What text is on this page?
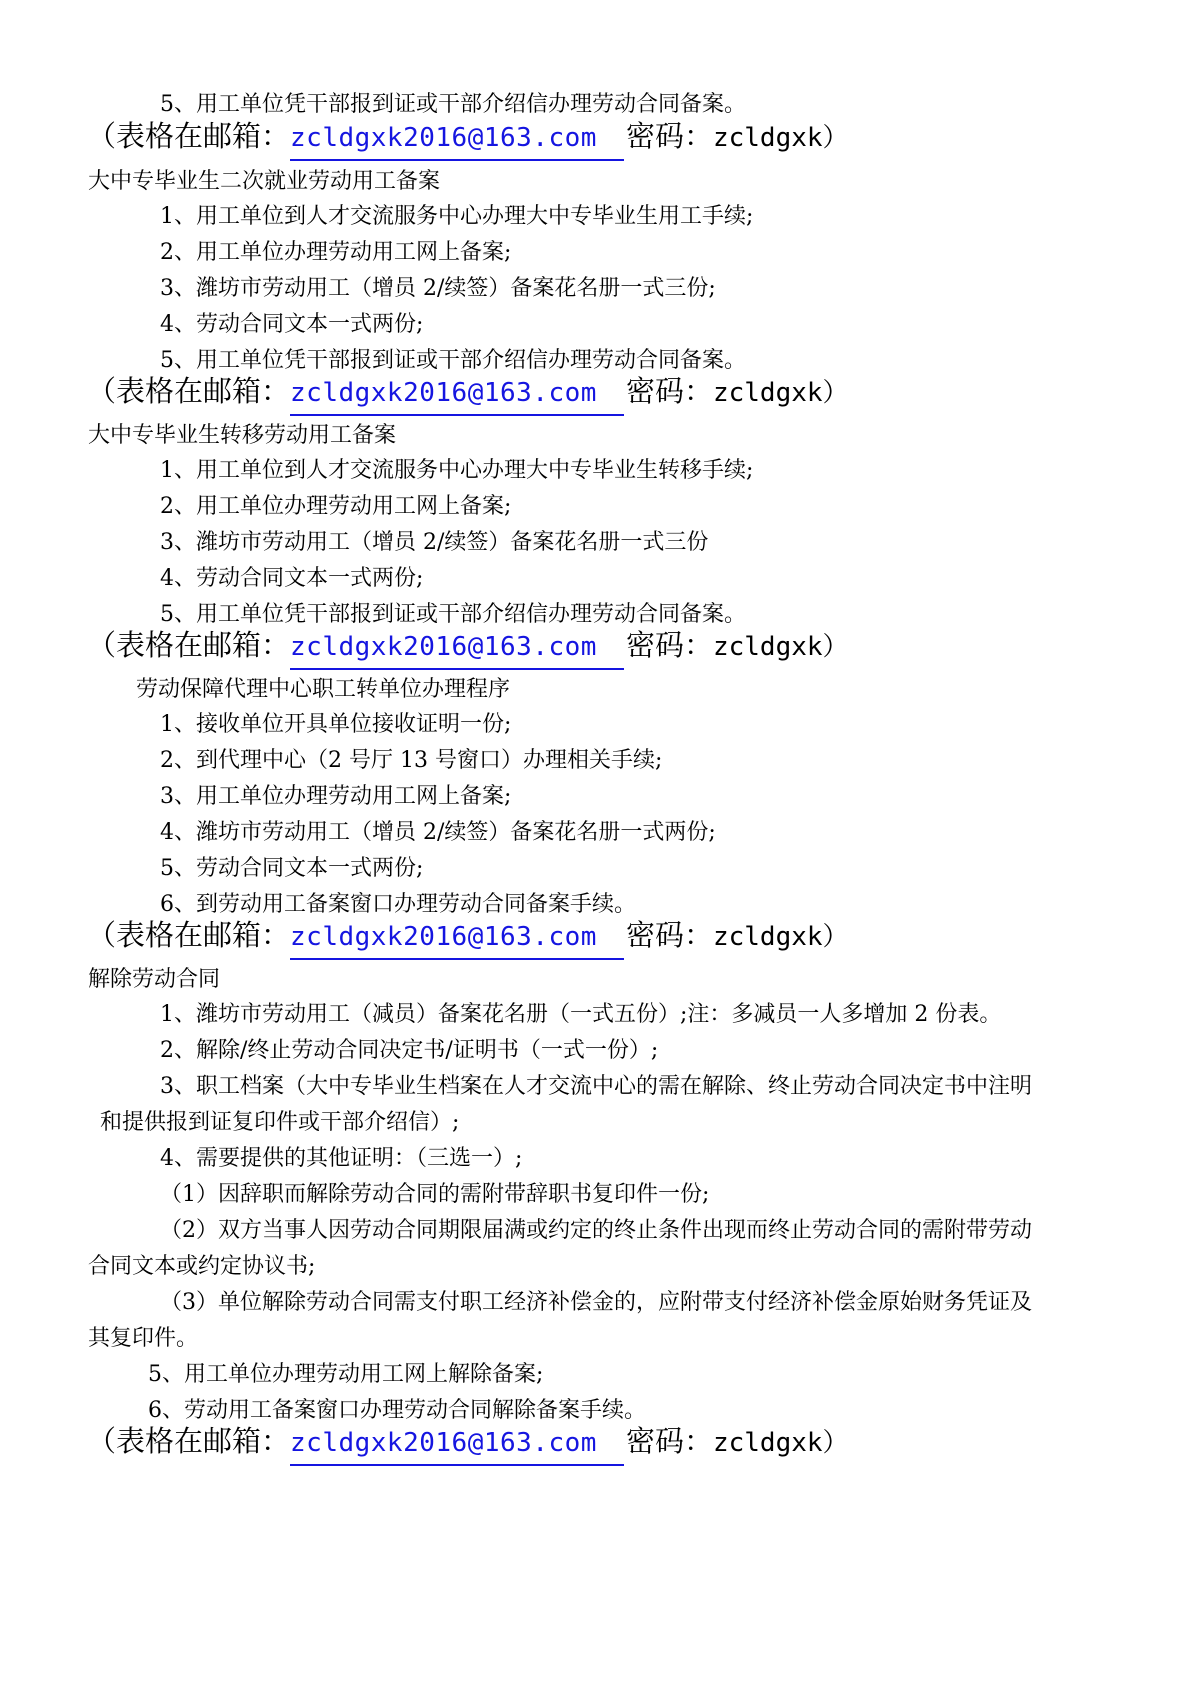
5、用工单位凭干部报到证或干部介绍信办理劳动合同备案。
（表格在邮箱：zcldgxk2016@163.com　密码：zcldgxk）
大中专毕业生二次就业劳动用工备案
1、用工单位到人才交流服务中心办理大中专毕业生用工手续;
2、用工单位办理劳动用工网上备案;
3、潍坊市劳动用工（增员 2/续签）备案花名册一式三份;
4、劳动合同文本一式两份;
5、用工单位凭干部报到证或干部介绍信办理劳动合同备案。
（表格在邮箱：zcldgxk2016@163.com　密码：zcldgxk）
大中专毕业生转移劳动用工备案
1、用工单位到人才交流服务中心办理大中专毕业生转移手续;
2、用工单位办理劳动用工网上备案;
3、潍坊市劳动用工（增员 2/续签）备案花名册一式三份
4、劳动合同文本一式两份;
5、用工单位凭干部报到证或干部介绍信办理劳动合同备案。
（表格在邮箱：zcldgxk2016@163.com　密码：zcldgxk）
劳动保障代理中心职工转单位办理程序
1、接收单位开具单位接收证明一份;
2、到代理中心（2 号厅 13 号窗口）办理相关手续;
3、用工单位办理劳动用工网上备案;
4、潍坊市劳动用工（增员 2/续签）备案花名册一式两份;
5、劳动合同文本一式两份;
6、到劳动用工备案窗口办理劳动合同备案手续。
（表格在邮箱：zcldgxk2016@163.com　密码：zcldgxk）
解除劳动合同
1、潍坊市劳动用工（减员）备案花名册（一式五份）;注：多减员一人多增加 2 份表。
2、解除/终止劳动合同决定书/证明书（一式一份）;
3、职工档案（大中专毕业生档案在人才交流中心的需在解除、终止劳动合同决定书中注明
和提供报到证复印件或干部介绍信）;
4、需要提供的其他证明：（三选一）;
（1）因辞职而解除劳动合同的需附带辞职书复印件一份;
（2）双方当事人因劳动合同期限届满或约定的终止条件出现而终止劳动合同的需附带劳动
合同文本或约定协议书;
（3）单位解除劳动合同需支付职工经济补偿金的，应附带支付经济补偿金原始财务凭证及
其复印件。
5、用工单位办理劳动用工网上解除备案;
6、劳动用工备案窗口办理劳动合同解除备案手续。
（表格在邮箱：zcldgxk2016@163.com　密码：zcldgxk）
